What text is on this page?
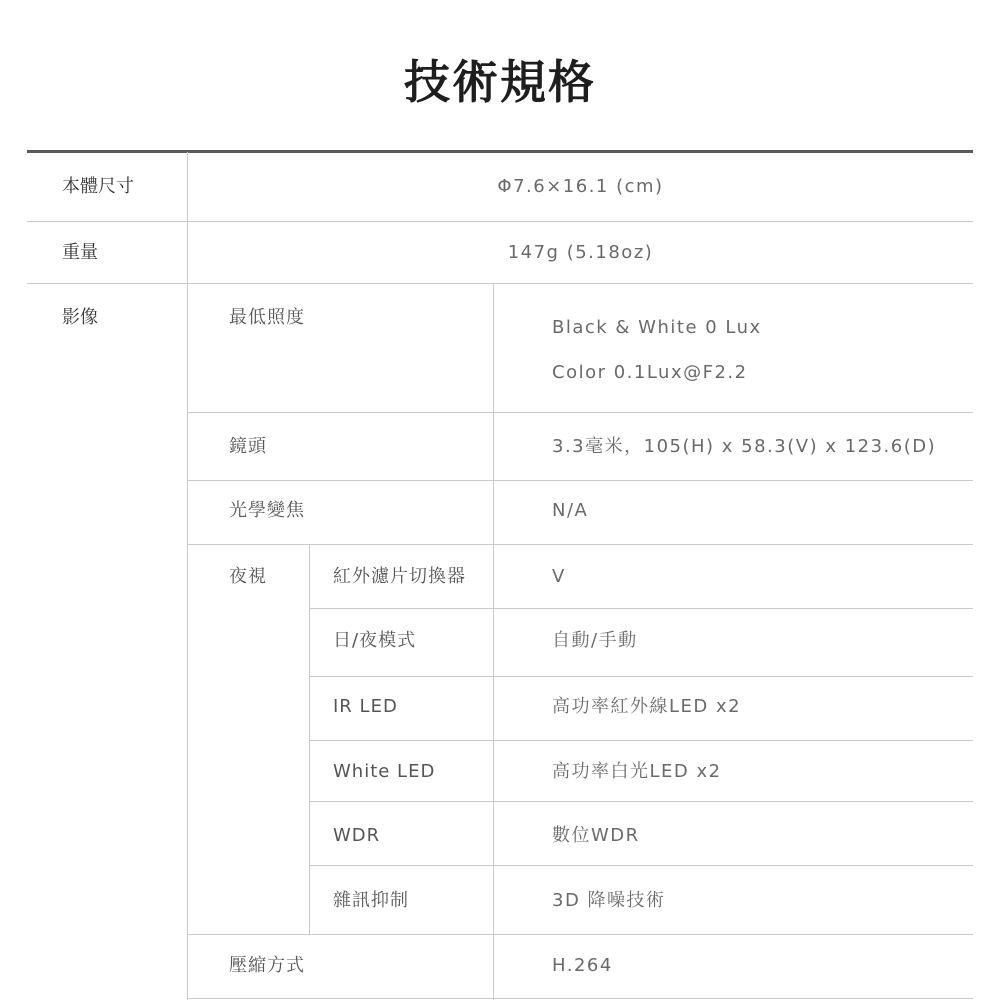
技術規格
本體尺寸	Φ7.6×16.1 (cm)
重量	147g (5.18oz)
影像	最低照度	Black & White 0 Lux
Color 0.1Lux@F2.2
鏡頭	3.3毫米，105(H) x 58.3(V) x 123.6(D)
光學變焦	N/A
夜視	紅外濾片切換器	V
日/夜模式	自動/手動
IR LED	高功率紅外線LED x2
White LED	高功率白光LED x2
WDR	數位WDR
雜訊抑制	3D 降噪技術
壓縮方式	H.264
